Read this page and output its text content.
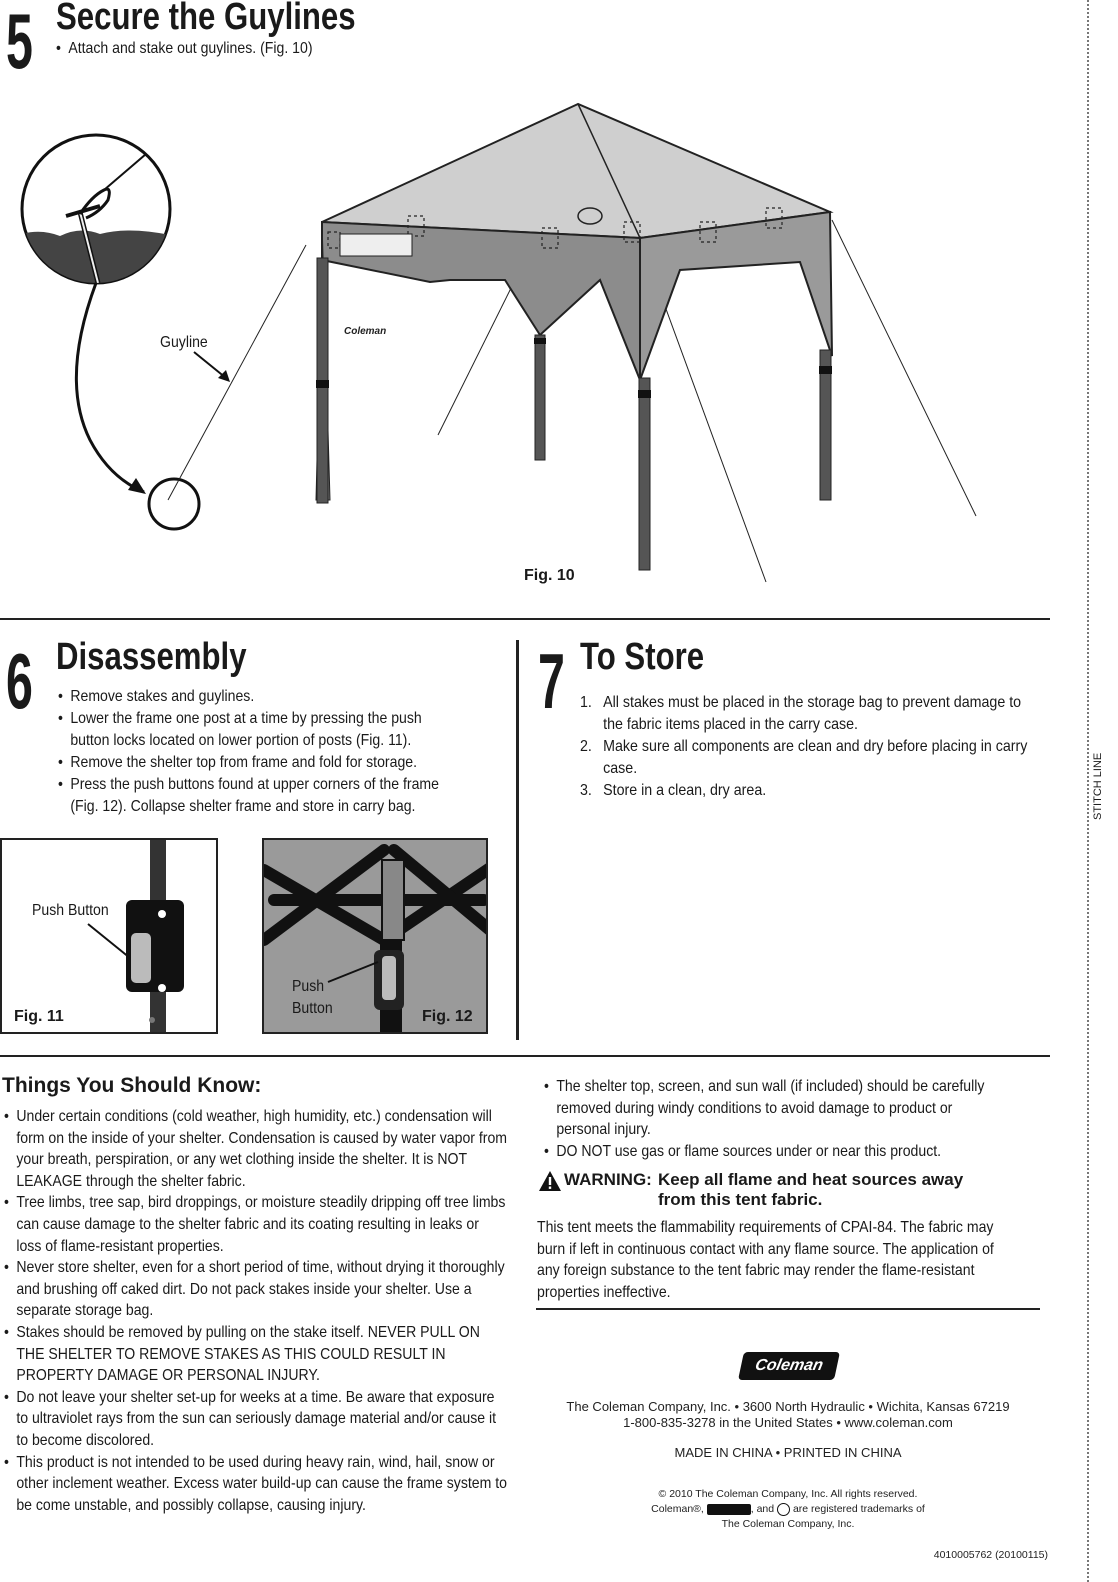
5 Secure the Guylines
• Attach and stake out guylines. (Fig. 10)
Coleman
Guyline
Fig. 10
6 Disassembly
• Remove stakes and guylines.
• Lower the frame one post at a time by pressing the push button locks located on lower portion of posts (Fig. 11).
• Remove the shelter top from frame and fold for storage.
• Press the push buttons found at upper corners of the frame (Fig. 12). Collapse shelter frame and store in carry bag.
Push Button
Fig. 11
Push
Button	Fig. 12
7 To Store
1. All stakes must be placed in the storage bag to prevent damage to the fabric items placed in the carry case.
2. Make sure all components are clean and dry before placing in carry case.
3. Store in a clean, dry area.	STITCH LINE
Things You Should Know:
• Under certain conditions (cold weather, high humidity, etc.) condensation will form on the inside of your shelter. Condensation is caused by water vapor from your breath, perspiration, or any wet clothing inside the shelter. It is NOT LEAKAGE through the shelter fabric.
• Tree limbs, tree sap, bird droppings, or moisture steadily dripping off tree limbs can cause damage to the shelter fabric and its coating resulting in leaks or loss of flame-resistant properties.
• Never store shelter, even for a short period of time, without drying it thoroughly and brushing off caked dirt. Do not pack stakes inside your shelter. Use a separate storage bag.
• Stakes should be removed by pulling on the stake itself. NEVER PULL ON THE SHELTER TO REMOVE STAKES AS THIS COULD RESULT IN PROPERTY DAMAGE OR PERSONAL INJURY.
• Do not leave your shelter set-up for weeks at a time. Be aware that exposure to ultraviolet rays from the sun can seriously damage material and/or cause it to become discolored.
• This product is not intended to be used during heavy rain, wind, hail, snow or other inclement weather. Excess water build-up can cause the frame system to be come unstable, and possibly collapse, causing injury.
• The shelter top, screen, and sun wall (if included) should be carefully removed during windy conditions to avoid damage to product or personal injury.
• DO NOT use gas or flame sources under or near this product.
WARNING: Keep all flame and heat sources away
from this tent fabric.
This tent meets the flammability requirements of CPAI-84. The fabric may burn if left in continuous contact with any flame source. The application of any foreign substance to the tent fabric may render the flame-resistant properties ineffective.
Coleman
The Coleman Company, Inc. • 3600 North Hydraulic • Wichita, Kansas 67219
1-800-835-3278 in the United States • www.coleman.com
MADE IN CHINA • PRINTED IN CHINA
© 2010 The Coleman Company, Inc. All rights reserved.
Coleman®,	, and are registered trademarks of
The Coleman Company, Inc.
4010005762 (20100115)
